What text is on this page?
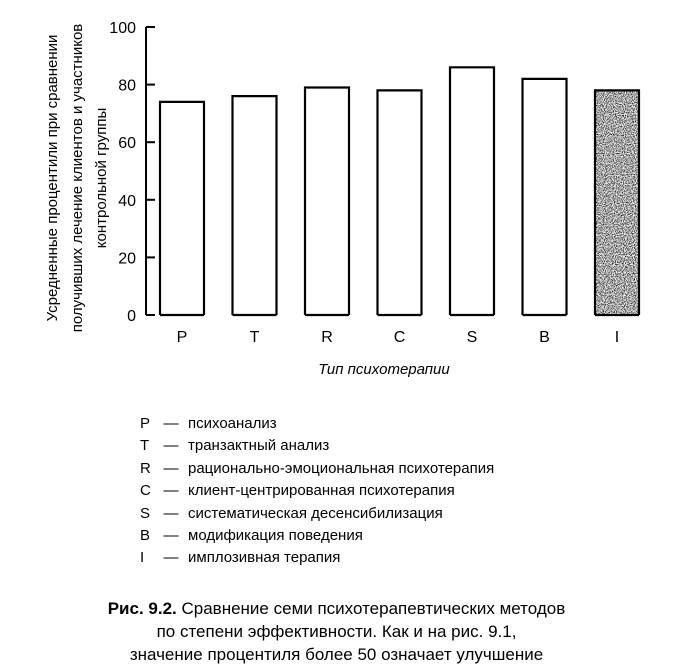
Усредненные процентили при сравнении получивших лечение клиентов и участников контрольной группы
0
20
40
60
80
100
P	T	R	C	S	B	I
Тип психотерапии
P — психоанализ
T — транзактный анализ
R — рационально-эмоциональная психотерапия
C — клиент-центрированная психотерапия
S — систематическая десенсибилизация
B — модификация поведения
I	— имплозивная терапия
Рис. 9.2. Сравнение семи психотерапевтических методов
по степени эффективности. Как и на рис. 9.1,
значение процентиля более 50 означает улучшение
